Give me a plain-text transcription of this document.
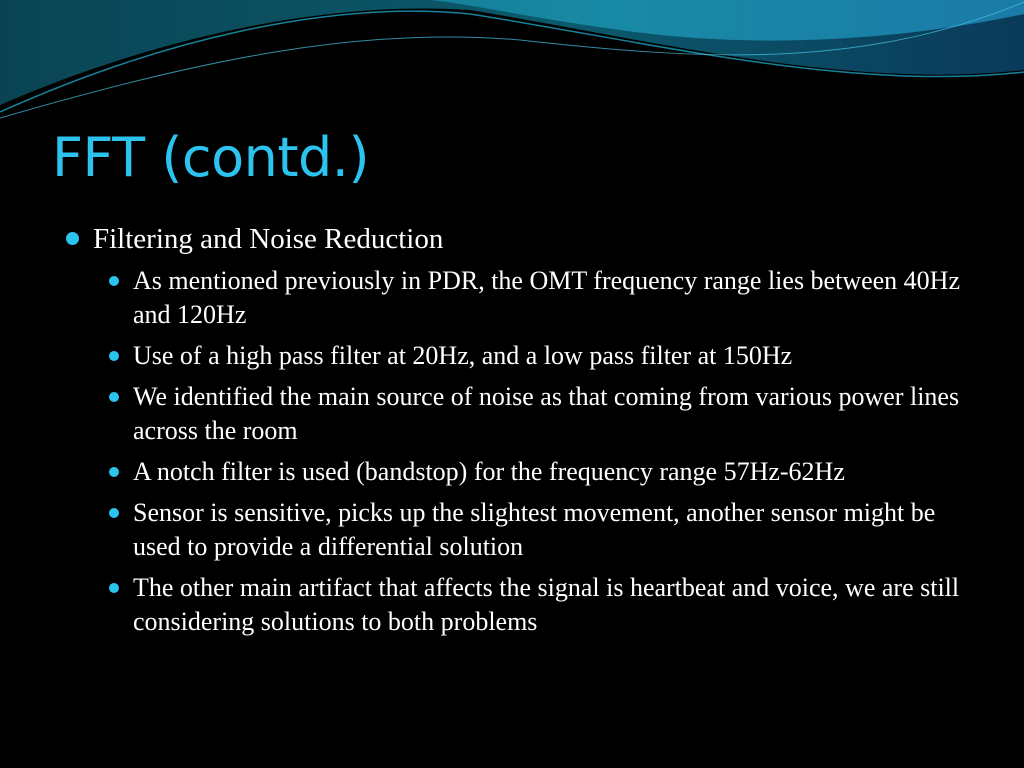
FFT (contd.)
Filtering and Noise Reduction
As mentioned previously in PDR, the OMT frequency range lies between 40Hz and 120Hz
Use of a high pass filter at 20Hz, and a low pass filter at 150Hz
We identified the main source of noise as that coming from various power lines across the room
A notch filter is used (bandstop) for the frequency range 57Hz-62Hz
Sensor is sensitive, picks up the slightest movement, another sensor might be used to provide a differential solution
The other main artifact that affects the signal is heartbeat and voice, we are still considering solutions to both problems
